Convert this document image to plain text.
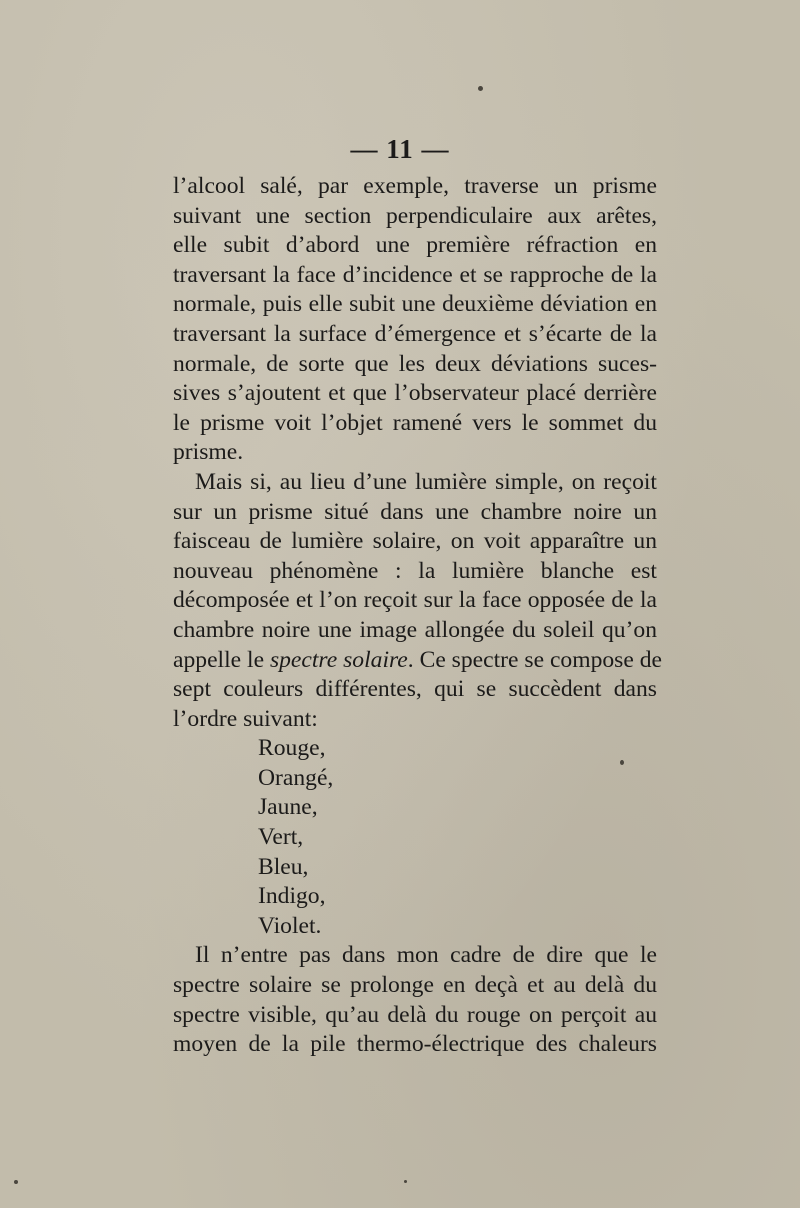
— 11 —
l’alcool salé, par exemple, traverse un prisme
suivant une section perpendiculaire aux arêtes,
elle subit d’abord une première réfraction en
traversant la face d’incidence et se rapproche de la
normale, puis elle subit une deuxième déviation en
traversant la surface d’émergence et s’écarte de la
normale, de sorte que les deux déviations suces-
sives s’ajoutent et que l’observateur placé derrière
le prisme voit l’objet ramené vers le sommet du
prisme.
Mais si, au lieu d’une lumière simple, on reçoit
sur un prisme situé dans une chambre noire un
faisceau de lumière solaire, on voit apparaître un
nouveau phénomène : la lumière blanche est
décomposée et l’on reçoit sur la face opposée de la
chambre noire une image allongée du soleil qu’on
appelle le spectre solaire. Ce spectre se compose de
sept couleurs différentes, qui se succèdent dans
l’ordre suivant:
Rouge,
Orangé,
Jaune,
Vert,
Bleu,
Indigo,
Violet.
Il n’entre pas dans mon cadre de dire que le
spectre solaire se prolonge en deçà et au delà du
spectre visible, qu’au delà du rouge on perçoit au
moyen de la pile thermo-électrique des chaleurs
